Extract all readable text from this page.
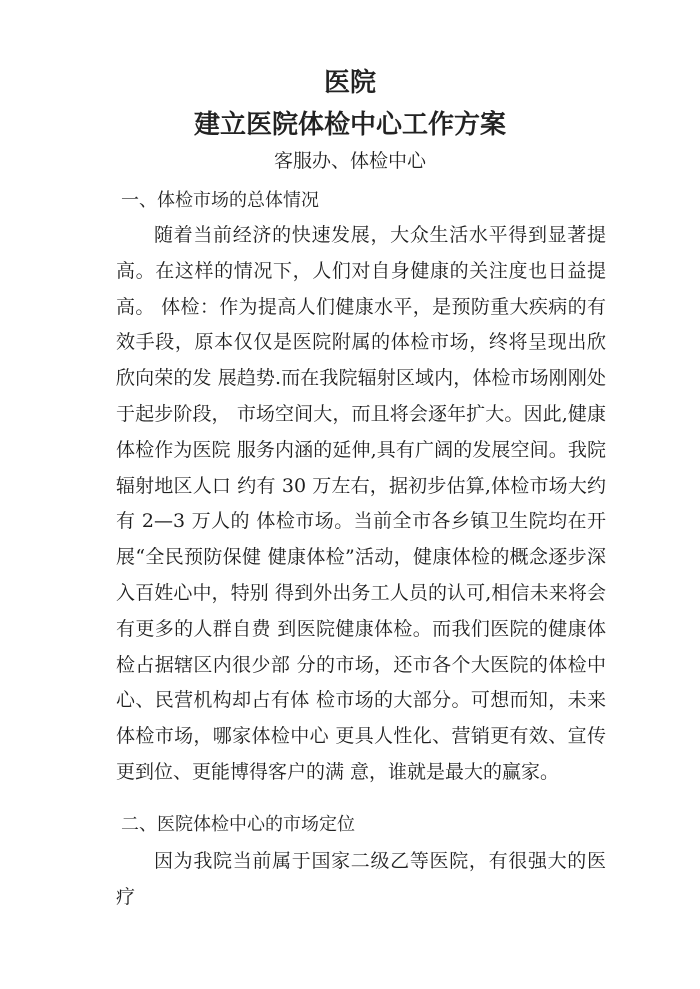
医院
建立医院体检中心工作方案

客服办、体检中心

一、体检市场的总体情况

随着当前经济的快速发展，大众生活水平得到显著提 高。在这样的情况下，人们对自身健康的关注度也日益提高。 体检：作为提高人们健康水平，是预防重大疾病的有效手段，原本仅仅是医院附属的体检市场，终将呈现出欣欣向荣的发 展趋势.而在我院辐射区域内，体检市场刚刚处于起步阶段， 市场空间大，而且将会逐年扩大。因此,健康体检作为医院 服务内涵的延伸,具有广阔的发展空间。我院辐射地区人口 约有 30 万左右，据初步估算,体检市场大约有 2—3 万人的 体检市场。当前全市各乡镇卫生院均在开展“全民预防保健 健康体检”活动，健康体检的概念逐步深入百姓心中，特别 得到外出务工人员的认可,相信未来将会有更多的人群自费 到医院健康体检。而我们医院的健康体检占据辖区内很少部 分的市场，还市各个大医院的体检中心、民营机构却占有体 检市场的大部分。可想而知，未来体检市场，哪家体检中心 更具人性化、营销更有效、宣传更到位、更能博得客户的满 意，谁就是最大的赢家。

二、医院体检中心的市场定位

因为我院当前属于国家二级乙等医院，有很强大的医疗
